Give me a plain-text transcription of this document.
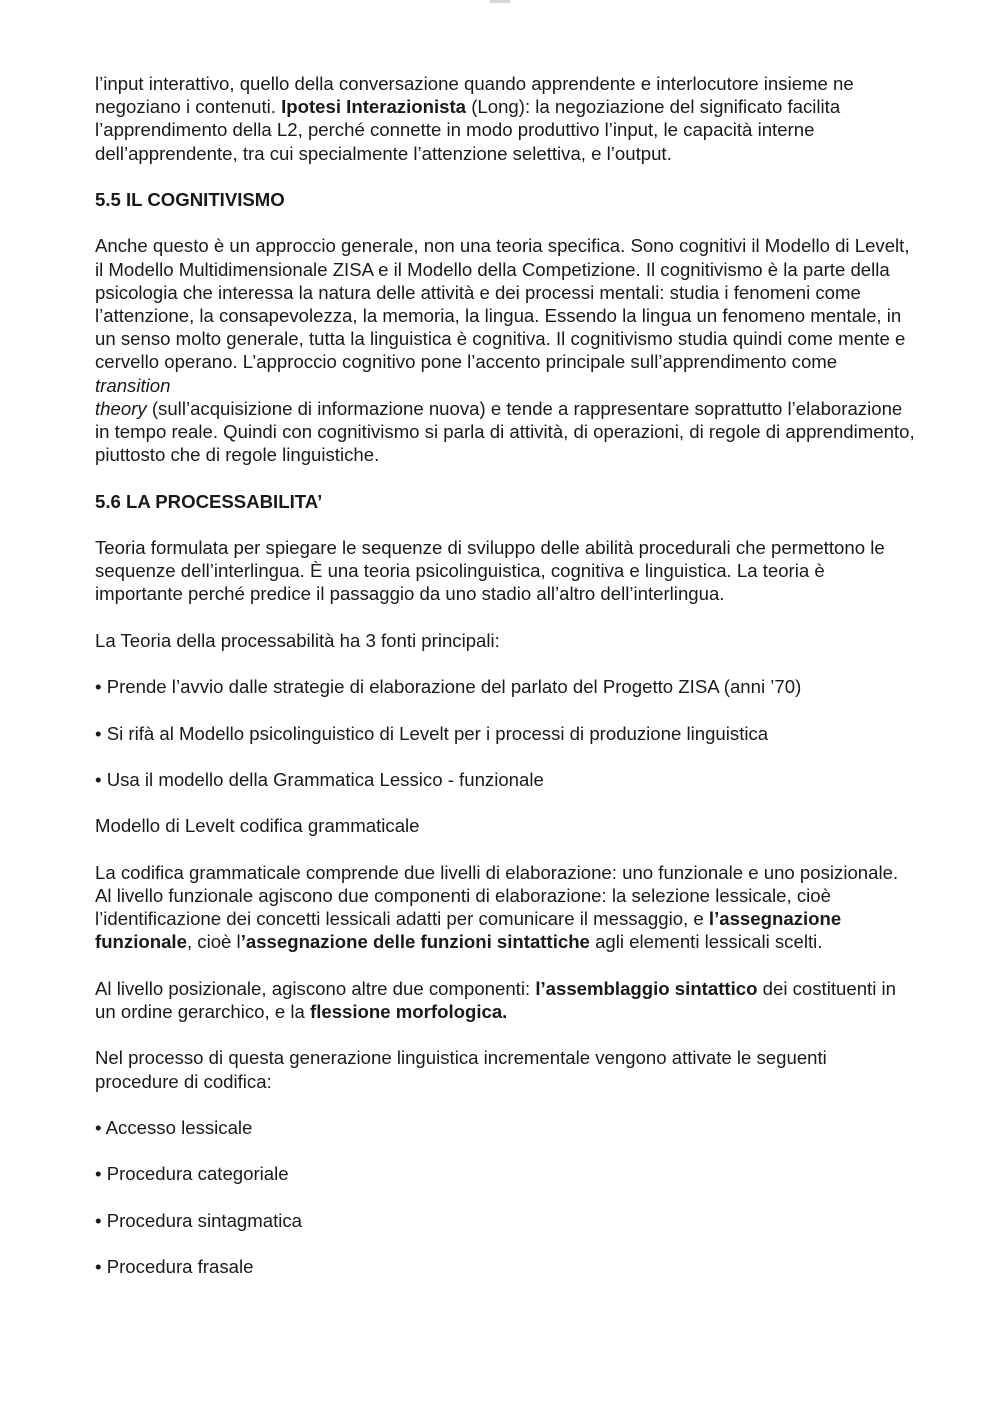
l’input interattivo, quello della conversazione quando apprendente e interlocutore insieme ne negoziano i contenuti. Ipotesi Interazionista (Long): la negoziazione del significato facilita l’apprendimento della L2, perché connette in modo produttivo l’input, le capacità interne dell’apprendente, tra cui specialmente l’attenzione selettiva, e l’output.

5.5 IL COGNITIVISMO

Anche questo è un approccio generale, non una teoria specifica. Sono cognitivi il Modello di Levelt, il Modello Multidimensionale ZISA e il Modello della Competizione. Il cognitivismo è la parte della psicologia che interessa la natura delle attività e dei processi mentali: studia i fenomeni come l’attenzione, la consapevolezza, la memoria, la lingua. Essendo la lingua un fenomeno mentale, in un senso molto generale, tutta la linguistica è cognitiva. Il cognitivismo studia quindi come mente e cervello operano. L’approccio cognitivo pone l’accento principale sull’apprendimento come transition
theory (sull’acquisizione di informazione nuova) e tende a rappresentare soprattutto l’elaborazione in tempo reale. Quindi con cognitivismo si parla di attività, di operazioni, di regole di apprendimento, piuttosto che di regole linguistiche.

5.6 LA PROCESSABILITA’

Teoria formulata per spiegare le sequenze di sviluppo delle abilità procedurali che permettono le sequenze dell’interlingua. È una teoria psicolinguistica, cognitiva e linguistica. La teoria è importante perché predice il passaggio da uno stadio all’altro dell’interlingua.

La Teoria della processabilità ha 3 fonti principali:

• Prende l’avvio dalle strategie di elaborazione del parlato del Progetto ZISA (anni ’70)

• Si rifà al Modello psicolinguistico di Levelt per i processi di produzione linguistica

• Usa il modello della Grammatica Lessico - funzionale

Modello di Levelt codifica grammaticale

La codifica grammaticale comprende due livelli di elaborazione: uno funzionale e uno posizionale. Al livello funzionale agiscono due componenti di elaborazione: la selezione lessicale, cioè l’identificazione dei concetti lessicali adatti per comunicare il messaggio, e l’assegnazione funzionale, cioè l’assegnazione delle funzioni sintattiche agli elementi lessicali scelti.

Al livello posizionale, agiscono altre due componenti: l’assemblaggio sintattico dei costituenti in un ordine gerarchico, e la flessione morfologica.

Nel processo di questa generazione linguistica incrementale vengono attivate le seguenti procedure di codifica:

• Accesso lessicale

• Procedura categoriale

• Procedura sintagmatica

• Procedura frasale
